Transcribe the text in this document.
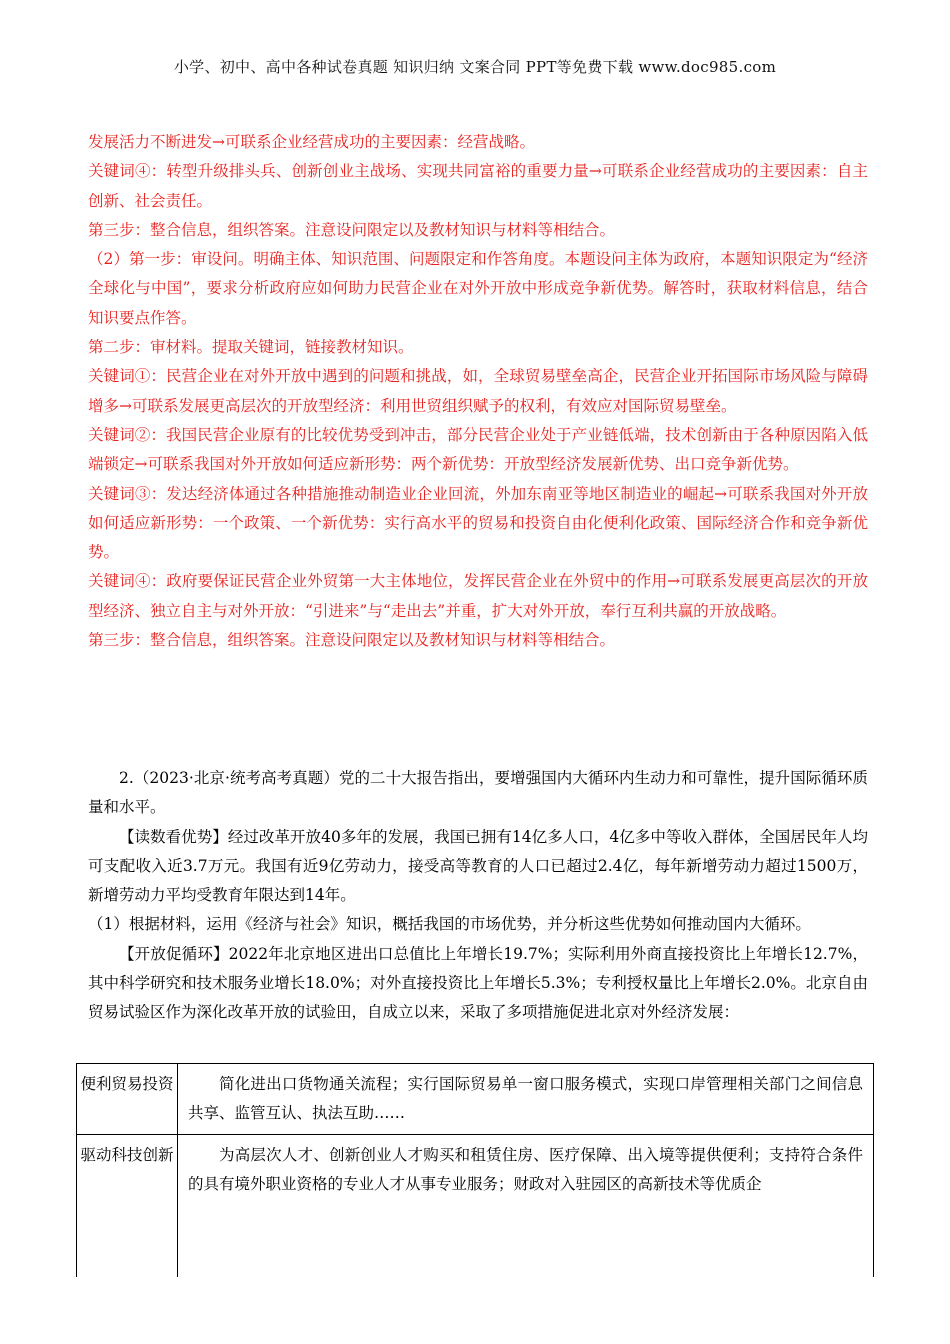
小学、初中、高中各种试卷真题 知识归纳 文案合同 PPT等免费下载 www.doc985.com

发展活力不断进发→可联系企业经营成功的主要因素：经营战略。

关键词④：转型升级排头兵、创新创业主战场、实现共同富裕的重要力量→可联系企业经营成功的主要因素：自主创新、社会责任。

第三步：整合信息，组织答案。注意设问限定以及教材知识与材料等相结合。

（2）第一步：审设问。明确主体、知识范围、问题限定和作答角度。本题设问主体为政府，本题知识限定为“经济全球化与中国”，要求分析政府应如何助力民营企业在对外开放中形成竞争新优势。解答时，获取材料信息，结合知识要点作答。

第二步：审材料。提取关键词，链接教材知识。

关键词①：民营企业在对外开放中遇到的问题和挑战，如，全球贸易壁垒高企，民营企业开拓国际市场风险与障碍增多→可联系发展更高层次的开放型经济：利用世贸组织赋予的权利，有效应对国际贸易壁垒。

关键词②：我国民营企业原有的比较优势受到冲击，部分民营企业处于产业链低端，技术创新由于各种原因陷入低端锁定→可联系我国对外开放如何适应新形势：两个新优势：开放型经济发展新优势、出口竞争新优势。

关键词③：发达经济体通过各种措施推动制造业企业回流，外加东南亚等地区制造业的崛起→可联系我国对外开放如何适应新形势：一个政策、一个新优势：实行高水平的贸易和投资自由化便利化政策、国际经济合作和竞争新优势。

关键词④：政府要保证民营企业外贸第一大主体地位，发挥民营企业在外贸中的作用→可联系发展更高层次的开放型经济、独立自主与对外开放：“引进来”与“走出去”并重，扩大对外开放，奉行互利共赢的开放战略。

第三步：整合信息，组织答案。注意设问限定以及教材知识与材料等相结合。

2.（2023·北京·统考高考真题）党的二十大报告指出，要增强国内大循环内生动力和可靠性，提升国际循环质量和水平。

【读数看优势】经过改革开放40多年的发展，我国已拥有14亿多人口，4亿多中等收入群体，全国居民年人均可支配收入近3.7万元。我国有近9亿劳动力，接受高等教育的人口已超过2.4亿，每年新增劳动力超过1500万，新增劳动力平均受教育年限达到14年。

（1）根据材料，运用《经济与社会》知识，概括我国的市场优势，并分析这些优势如何推动国内大循环。

【开放促循环】2022年北京地区进出口总值比上年增长19.7%；实际利用外商直接投资比上年增长12.7%，其中科学研究和技术服务业增长18.0%；对外直接投资比上年增长5.3%；专利授权量比上年增长2.0%。北京自由贸易试验区作为深化改革开放的试验田，自成立以来，采取了多项措施促进北京对外经济发展：

便利贸易投资	简化进出口货物通关流程；实行国际贸易单一窗口服务模式，实现口岸管理相关部门之间信息共享、监管互认、执法互助……
驱动科技创新	为高层次人才、创新创业人才购买和租赁住房、医疗保障、出入境等提供便利；支持符合条件的具有境外职业资格的专业人才从事专业服务；财政对入驻园区的高新技术等优质企
